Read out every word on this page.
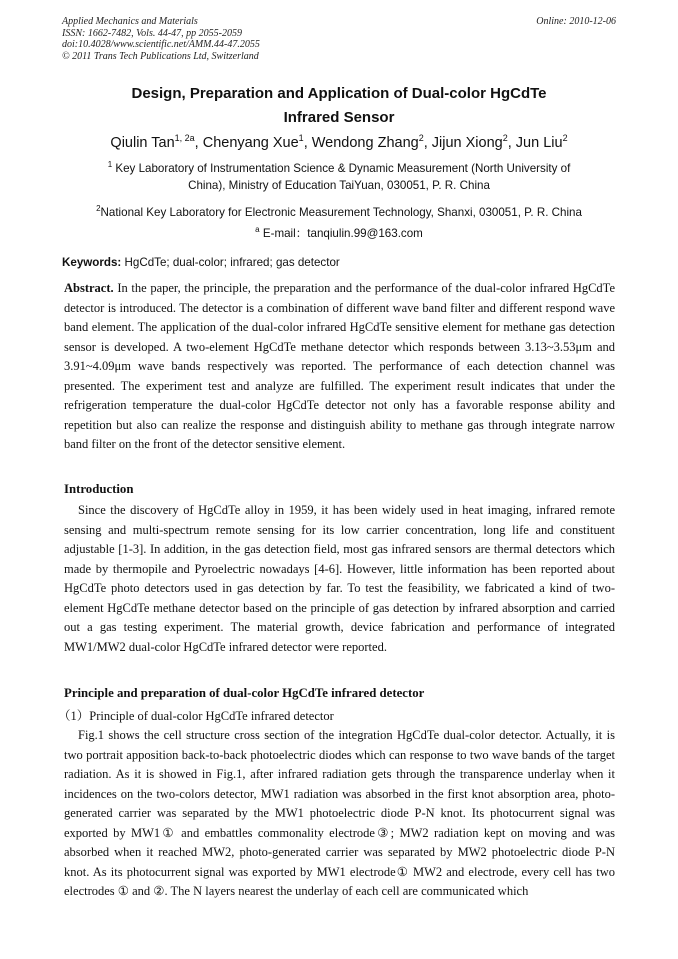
Applied Mechanics and Materials
ISSN: 1662-7482, Vols. 44-47, pp 2055-2059
doi:10.4028/www.scientific.net/AMM.44-47.2055
© 2011 Trans Tech Publications Ltd, Switzerland
Online: 2010-12-06
Design, Preparation and Application of Dual-color HgCdTe
Infrared Sensor
Qiulin Tan$^{1, 2a}$, Chenyang Xue$^1$, Wendong Zhang$^2$, Jijun Xiong$^2$, Jun Liu$^2$
$^1$ Key Laboratory of Instrumentation Science & Dynamic Measurement (North University of
China), Ministry of Education TaiYuan, 030051, P. R. China
$^2$National Key Laboratory for Electronic Measurement Technology, Shanxi, 030051, P. R. China
$^a$ E-mail：tanqiulin.99@163.com
Keywords: HgCdTe; dual-color; infrared; gas detector
Abstract. In the paper, the principle, the preparation and the performance of the dual-color infrared HgCdTe detector is introduced. The detector is a combination of different wave band filter and different respond wave band element. The application of the dual-color infrared HgCdTe sensitive element for methane gas detection sensor is developed. A two-element HgCdTe methane detector which responds between 3.13~3.53μm and 3.91~4.09μm wave bands respectively was reported. The performance of each detection channel was presented. The experiment test and analyze are fulfilled. The experiment result indicates that under the refrigeration temperature the dual-color HgCdTe detector not only has a favorable response ability and repetition but also can realize the response and distinguish ability to methane gas through integrate narrow band filter on the front of the detector sensitive element.
Introduction
Since the discovery of HgCdTe alloy in 1959, it has been widely used in heat imaging, infrared remote sensing and multi-spectrum remote sensing for its low carrier concentration, long life and constituent adjustable [1-3]. In addition, in the gas detection field, most gas infrared sensors are thermal detectors which made by thermopile and Pyroelectric nowadays [4-6]. However, little information has been reported about HgCdTe photo detectors used in gas detection by far. To test the feasibility, we fabricated a kind of two-element HgCdTe methane detector based on the principle of gas detection by infrared absorption and carried out a gas testing experiment. The material growth, device fabrication and performance of integrated MW1/MW2 dual-color HgCdTe infrared detector were reported.
Principle and preparation of dual-color HgCdTe infrared detector
（1）Principle of dual-color HgCdTe infrared detector
Fig.1 shows the cell structure cross section of the integration HgCdTe dual-color detector. Actually, it is two portrait apposition back-to-back photoelectric diodes which can response to two wave bands of the target radiation. As it is showed in Fig.1, after infrared radiation gets through the transparence underlay when it incidences on the two-colors detector, MW1 radiation was absorbed in the first knot absorption area, photo-generated carrier was separated by the MW1 photoelectric diode P-N knot. Its photocurrent signal was exported by MW1① and embattles commonality electrode③; MW2 radiation kept on moving and was absorbed when it reached MW2, photo-generated carrier was separated by MW2 photoelectric diode P-N knot. As its photocurrent signal was exported by MW1 electrode① MW2 and electrode, every cell has two electrodes ① and ②. The N layers nearest the underlay of each cell are communicated which
